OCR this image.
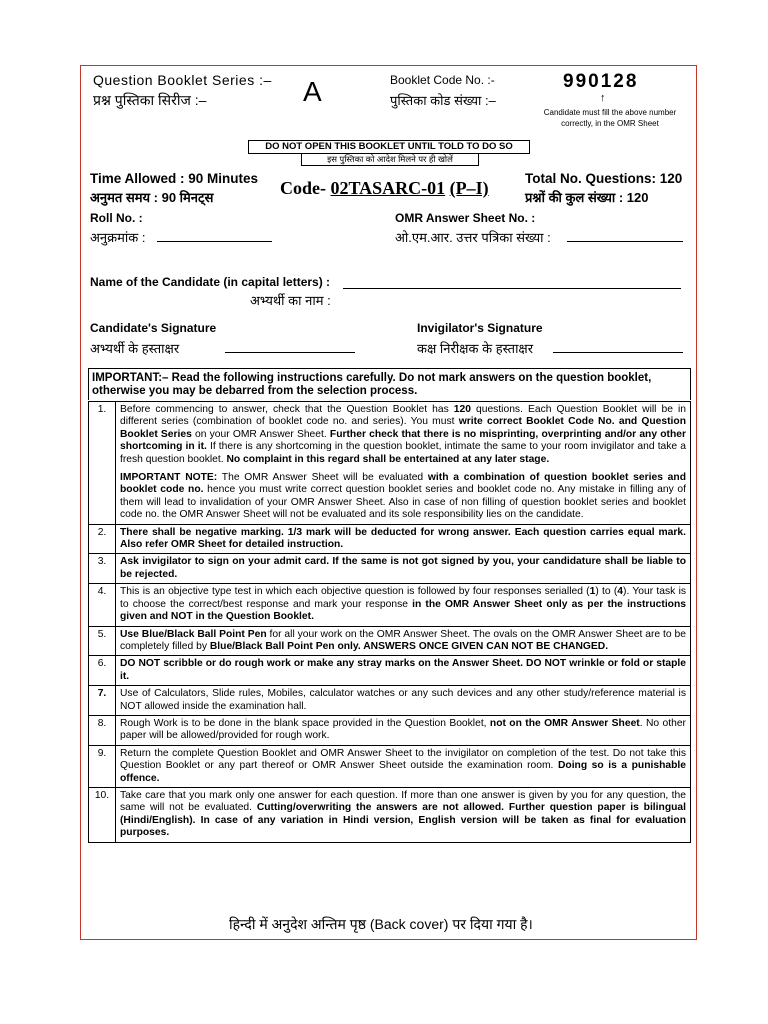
Question Booklet Series :–
प्रश्न पुस्तिका सिरीज :–	A	Booklet Code No. :-
पुस्तिका कोड संख्या :–
990128
↑
Candidate must fill the above number correctly, in the OMR Sheet
DO NOT OPEN THIS BOOKLET UNTIL TOLD TO DO SO
इस पुस्तिका को आदेश मिलने पर ही खोलें
Time Allowed : 90 Minutes
अनुमत समय : 90 मिनट्स	Code- 02TASARC-01 (P–I)	Total No. Questions: 120
प्रश्नों की कुल संख्या : 120
Roll No. :
अनुक्रमांक :
OMR Answer Sheet No. :
ओ.एम.आर. उत्तर पत्रिका संख्या :
Name of the Candidate (in capital letters) :
अभ्यर्थी का नाम :
Candidate's Signature
अभ्यर्थी के हस्ताक्षर
Invigilator's Signature
कक्ष निरीक्षक के हस्ताक्षर
IMPORTANT:– Read the following instructions carefully. Do not mark answers on the question booklet, otherwise you may be debarred from the selection process.
1.	Before commencing to answer, check that the Question Booklet has 120 questions. Each Question Booklet will be in different series (combination of booklet code no. and series). You must write correct Booklet Code No. and Question Booklet Series on your OMR Answer Sheet. Further check that there is no misprinting, overprinting and/or any other shortcoming in it. If there is any shortcoming in the question booklet, intimate the same to your room invigilator and take a fresh question booklet. No complaint in this regard shall be entertained at any later stage.
IMPORTANT NOTE: The OMR Answer Sheet will be evaluated with a combination of question booklet series and booklet code no. hence you must write correct question booklet series and booklet code no. Any mistake in filling any of them will lead to invalidation of your OMR Answer Sheet. Also in case of non filling of question booklet series and booklet code no. the OMR Answer Sheet will not be evaluated and its sole responsibility lies on the candidate.

2.	There shall be negative marking. 1/3 mark will be deducted for wrong answer. Each question carries equal mark. Also refer OMR Sheet for detailed instruction.
3.	Ask invigilator to sign on your admit card. If the same is not got signed by you, your candidature shall be liable to be rejected.
4.	This is an objective type test in which each objective question is followed by four responses serialled (1) to (4). Your task is to choose the correct/best response and mark your response in the OMR Answer Sheet only as per the instructions given and NOT in the Question Booklet.
5.	Use Blue/Black Ball Point Pen for all your work on the OMR Answer Sheet. The ovals on the OMR Answer Sheet are to be completely filled by Blue/Black Ball Point Pen only. ANSWERS ONCE GIVEN CAN NOT BE CHANGED.
6.	DO NOT scribble or do rough work or make any stray marks on the Answer Sheet. DO NOT wrinkle or fold or staple it.
7.	Use of Calculators, Slide rules, Mobiles, calculator watches or any such devices and any other study/reference material is NOT allowed inside the examination hall.
8.	Rough Work is to be done in the blank space provided in the Question Booklet, not on the OMR Answer Sheet. No other paper will be allowed/provided for rough work.
9.	Return the complete Question Booklet and OMR Answer Sheet to the invigilator on completion of the test. Do not take this Question Booklet or any part thereof or OMR Answer Sheet outside the examination room. Doing so is a punishable offence.
10.	Take care that you mark only one answer for each question. If more than one answer is given by you for any question, the same will not be evaluated. Cutting/overwriting the answers are not allowed. Further question paper is bilingual (Hindi/English). In case of any variation in Hindi version, English version will be taken as final for evaluation purposes.
हिन्दी में अनुदेश अन्तिम पृष्ठ (Back cover) पर दिया गया है।
